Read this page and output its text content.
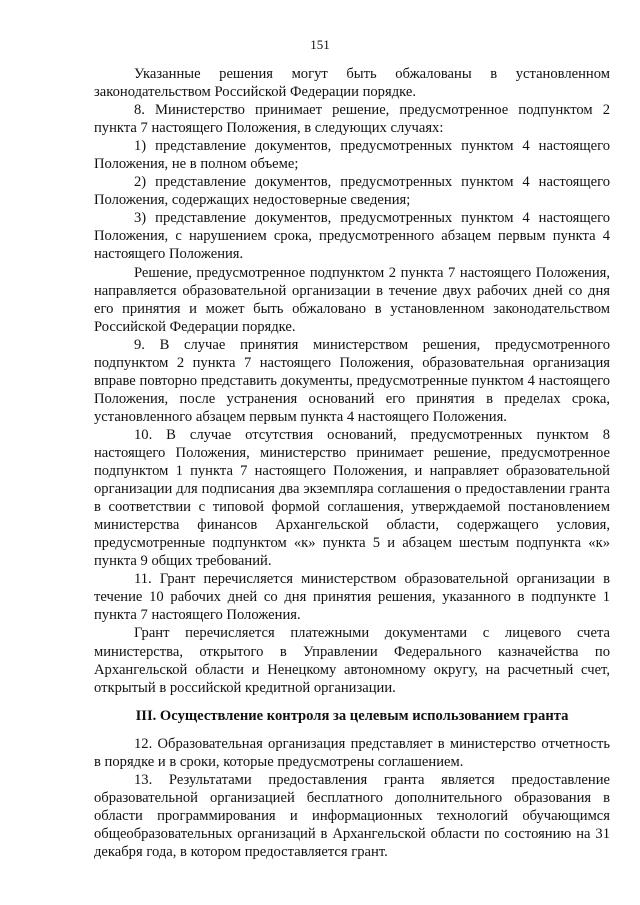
151

Указанные решения могут быть обжалованы в установленном законодательством Российской Федерации порядке.

8. Министерство принимает решение, предусмотренное подпунктом 2 пункта 7 настоящего Положения, в следующих случаях:

1) представление документов, предусмотренных пунктом 4 настоящего Положения, не в полном объеме;

2) представление документов, предусмотренных пунктом 4 настоящего Положения, содержащих недостоверные сведения;

3) представление документов, предусмотренных пунктом 4 настоящего Положения, с нарушением срока, предусмотренного абзацем первым пункта 4 настоящего Положения.

Решение, предусмотренное подпунктом 2 пункта 7 настоящего Положения, направляется образовательной организации в течение двух рабочих дней со дня его принятия и может быть обжаловано в установленном законодательством Российской Федерации порядке.

9. В случае принятия министерством решения, предусмотренного подпунктом 2 пункта 7 настоящего Положения, образовательная организация вправе повторно представить документы, предусмотренные пунктом 4 настоящего Положения, после устранения оснований его принятия в пределах срока, установленного абзацем первым пункта 4 настоящего Положения.

10. В случае отсутствия оснований, предусмотренных пунктом 8 настоящего Положения, министерство принимает решение, предусмотренное подпунктом 1 пункта 7 настоящего Положения, и направляет образовательной организации для подписания два экземпляра соглашения о предоставлении гранта в соответствии с типовой формой соглашения, утверждаемой постановлением министерства финансов Архангельской области, содержащего условия, предусмотренные подпунктом «к» пункта 5 и абзацем шестым подпункта «к» пункта 9 общих требований.

11. Грант перечисляется министерством образовательной организации в течение 10 рабочих дней со дня принятия решения, указанного в подпункте 1 пункта 7 настоящего Положения.

Грант перечисляется платежными документами с лицевого счета министерства, открытого в Управлении Федерального казначейства по Архангельской области и Ненецкому автономному округу, на расчетный счет, открытый в российской кредитной организации.

III. Осуществление контроля за целевым использованием гранта

12. Образовательная организация представляет в министерство отчетность в порядке и в сроки, которые предусмотрены соглашением.

13. Результатами предоставления гранта является предоставление образовательной организацией бесплатного дополнительного образования в области программирования и информационных технологий обучающимся общеобразовательных организаций в Архангельской области по состоянию на 31 декабря года, в котором предоставляется грант.
